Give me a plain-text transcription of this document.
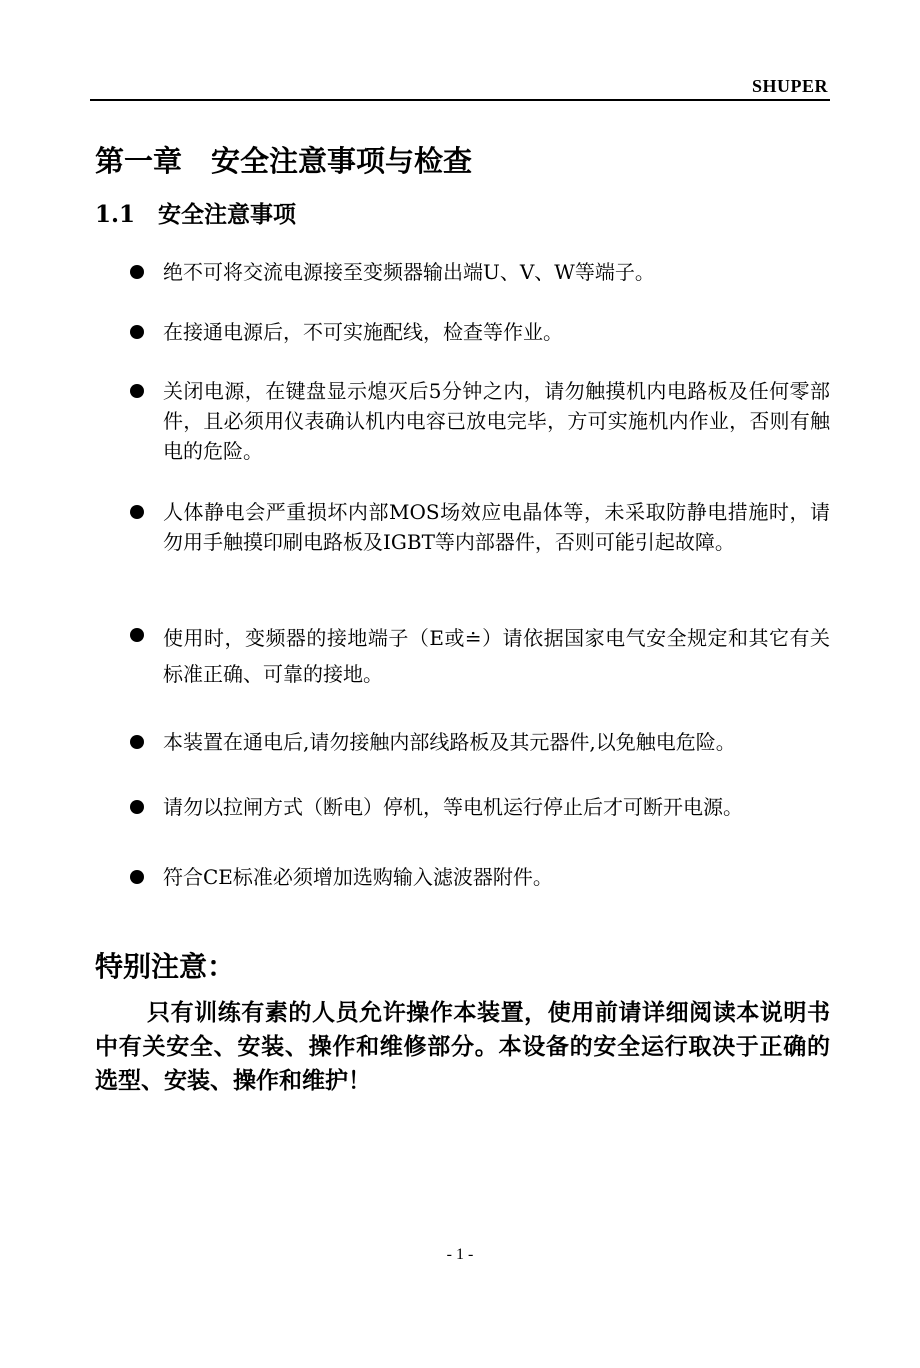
SHUPER
第一章　安全注意事项与检查
1.1　安全注意事项
绝不可将交流电源接至变频器输出端U、V、W等端子。
在接通电源后，不可实施配线，检查等作业。
关闭电源，在键盘显示熄灭后5分钟之内，请勿触摸机内电路板及任何零部件，且必须用仪表确认机内电容已放电完毕，方可实施机内作业，否则有触电的危险。
人体静电会严重损坏内部MOS场效应电晶体等，未采取防静电措施时，请勿用手触摸印刷电路板及IGBT等内部器件，否则可能引起故障。
使用时，变频器的接地端子（E或≐）请依据国家电气安全规定和其它有关标准正确、可靠的接地。
本装置在通电后,请勿接触内部线路板及其元器件,以免触电危险。
请勿以拉闸方式（断电）停机，等电机运行停止后才可断开电源。
符合CE标准必须增加选购输入滤波器附件。
特别注意：
只有训练有素的人员允许操作本装置，使用前请详细阅读本说明书中有关安全、安装、操作和维修部分。本设备的安全运行取决于正确的选型、安装、操作和维护！
- 1 -
